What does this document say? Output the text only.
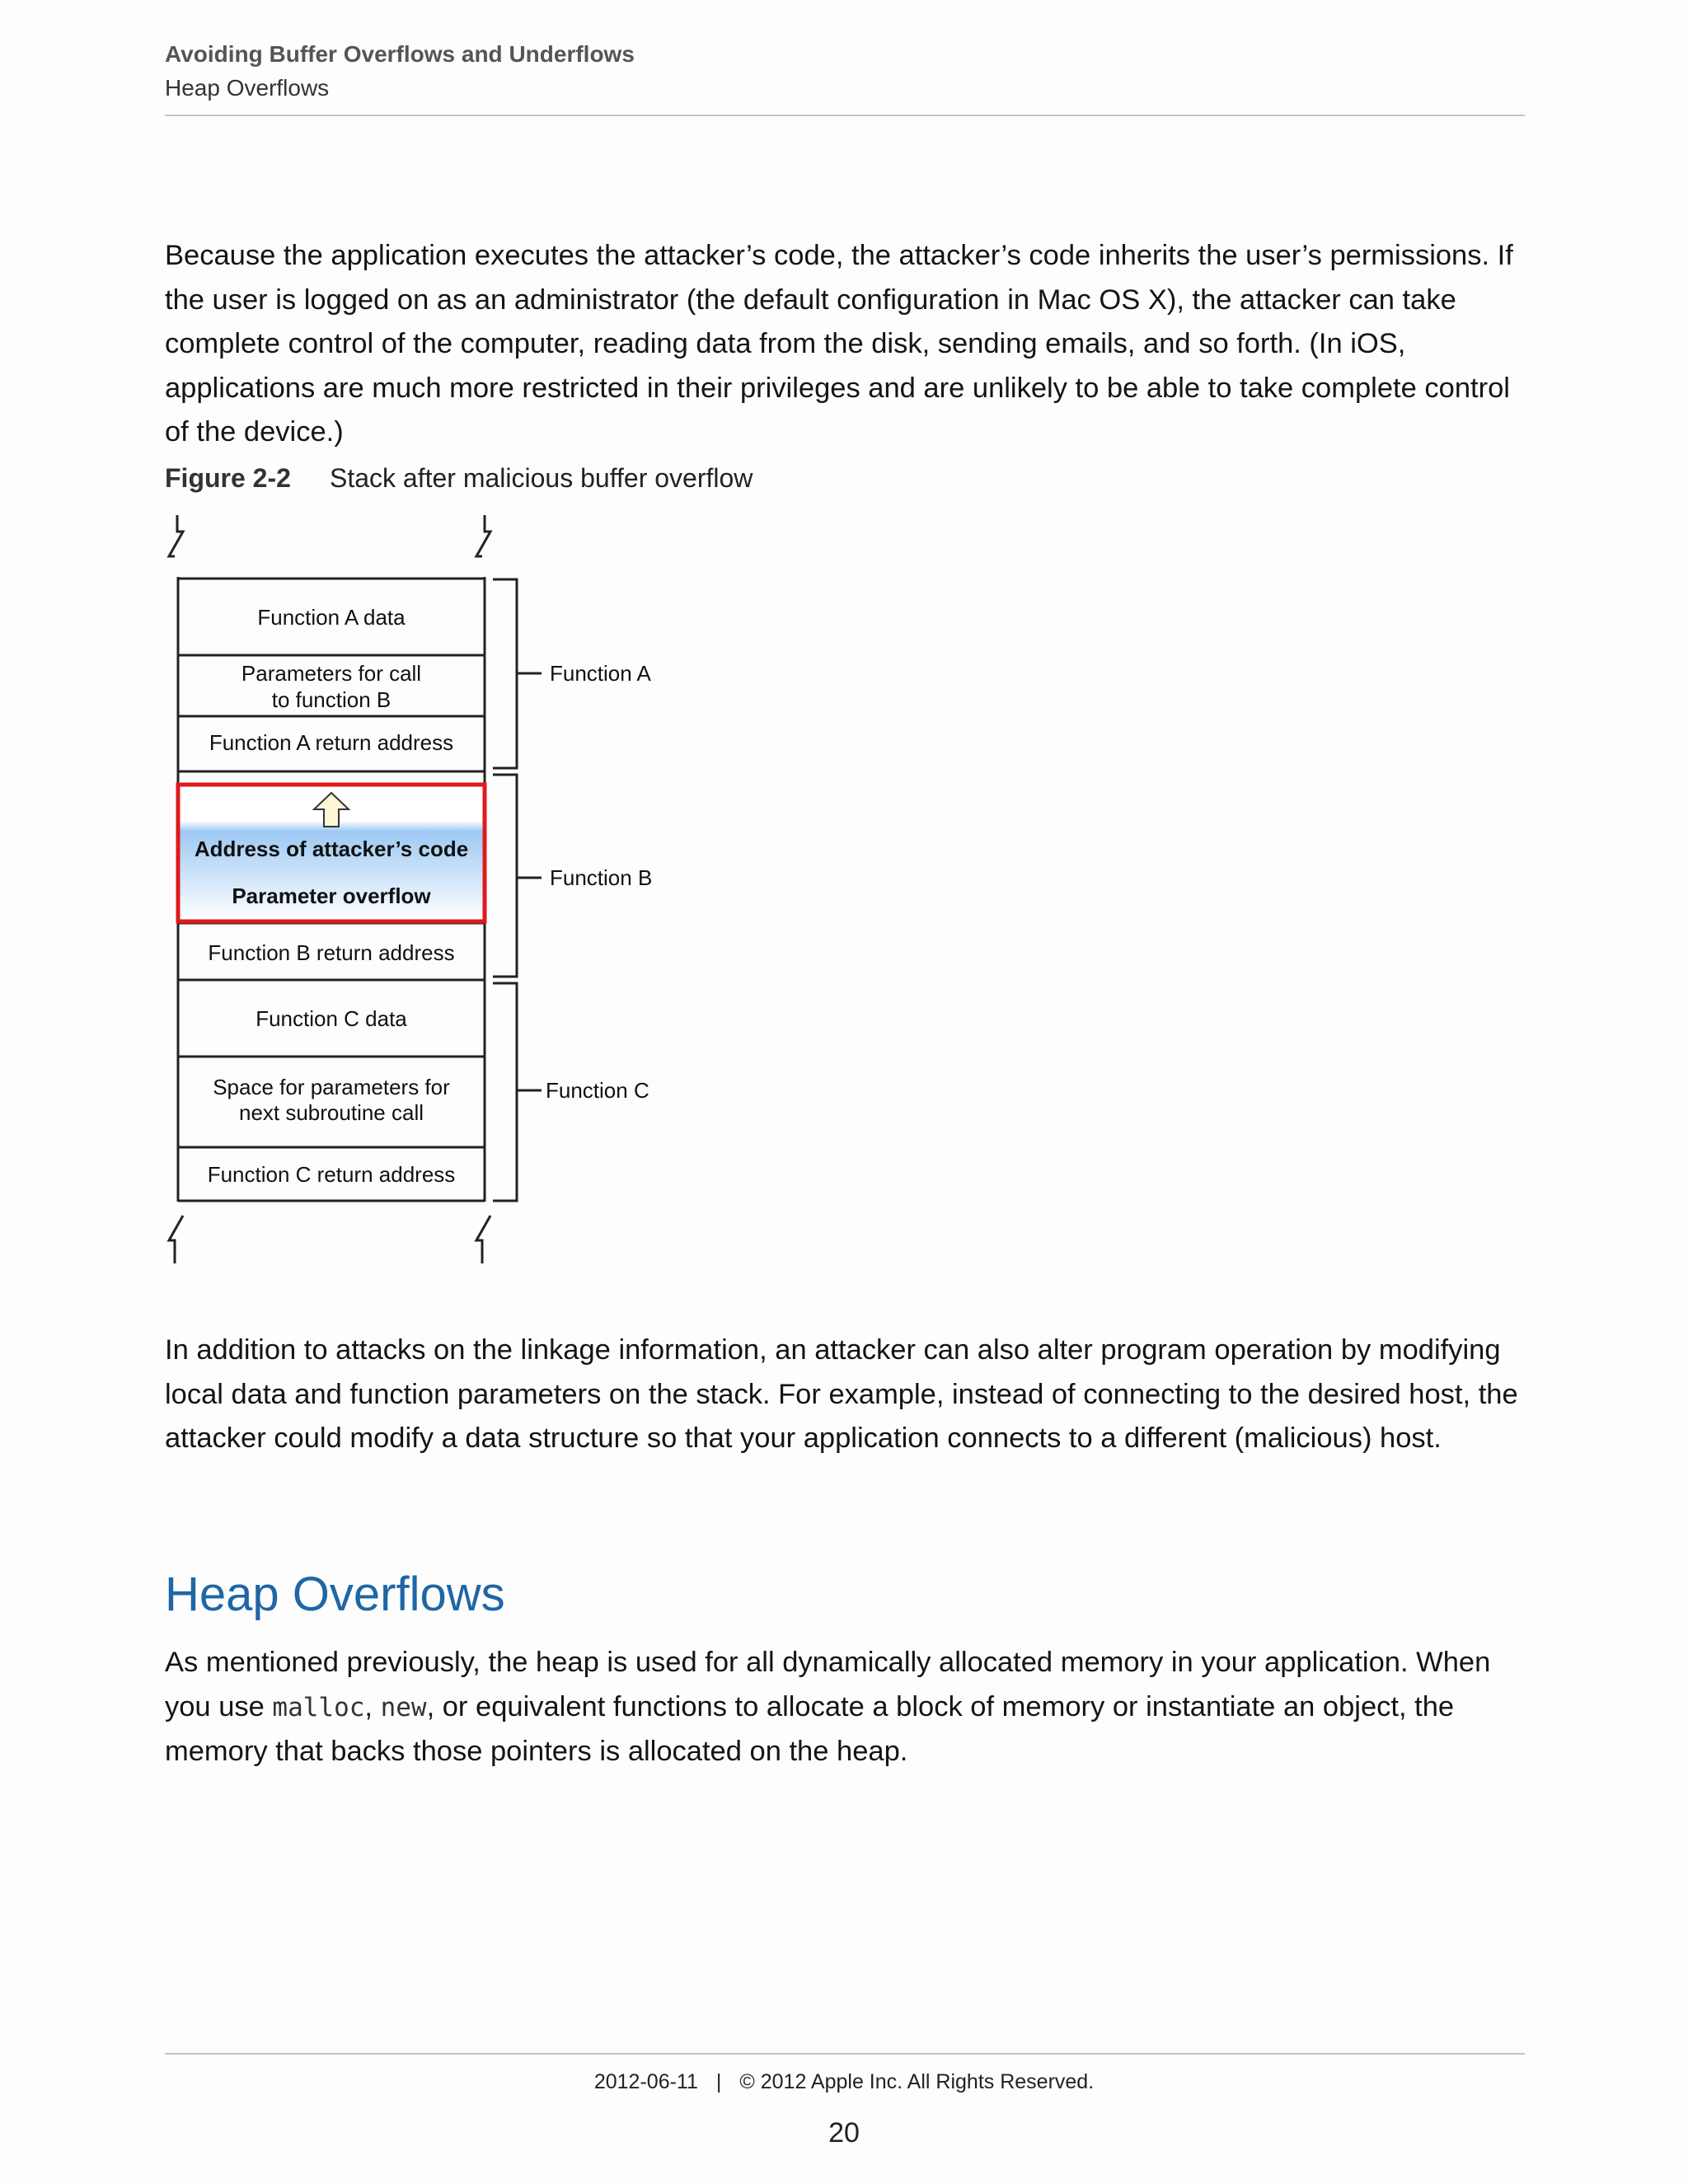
Avoiding Buffer Overflows and Underflows
Heap Overflows

Because the application executes the attacker’s code, the attacker’s code inherits the user’s permissions. If the user is logged on as an administrator (the default configuration in Mac OS X), the attacker can take complete control of the computer, reading data from the disk, sending emails, and so forth. (In iOS, applications are much more restricted in their privileges and are unlikely to be able to take complete control of the device.)

Figure 2-2 Stack after malicious buffer overflow
Function A data
Parameters for call
to function B
Function A return address
Address of attacker’s code
Parameter overflow
Function B return address
Function C data
Space for parameters for
next subroutine call
Function C return address
Function A
Function B
Function C

In addition to attacks on the linkage information, an attacker can also alter program operation by modifying local data and function parameters on the stack. For example, instead of connecting to the desired host, the attacker could modify a data structure so that your application connects to a different (malicious) host.

Heap Overflows

As mentioned previously, the heap is used for all dynamically allocated memory in your application. When you use malloc, new, or equivalent functions to allocate a block of memory or instantiate an object, the memory that backs those pointers is allocated on the heap.

2012-06-11 | © 2012 Apple Inc. All Rights Reserved.
20
